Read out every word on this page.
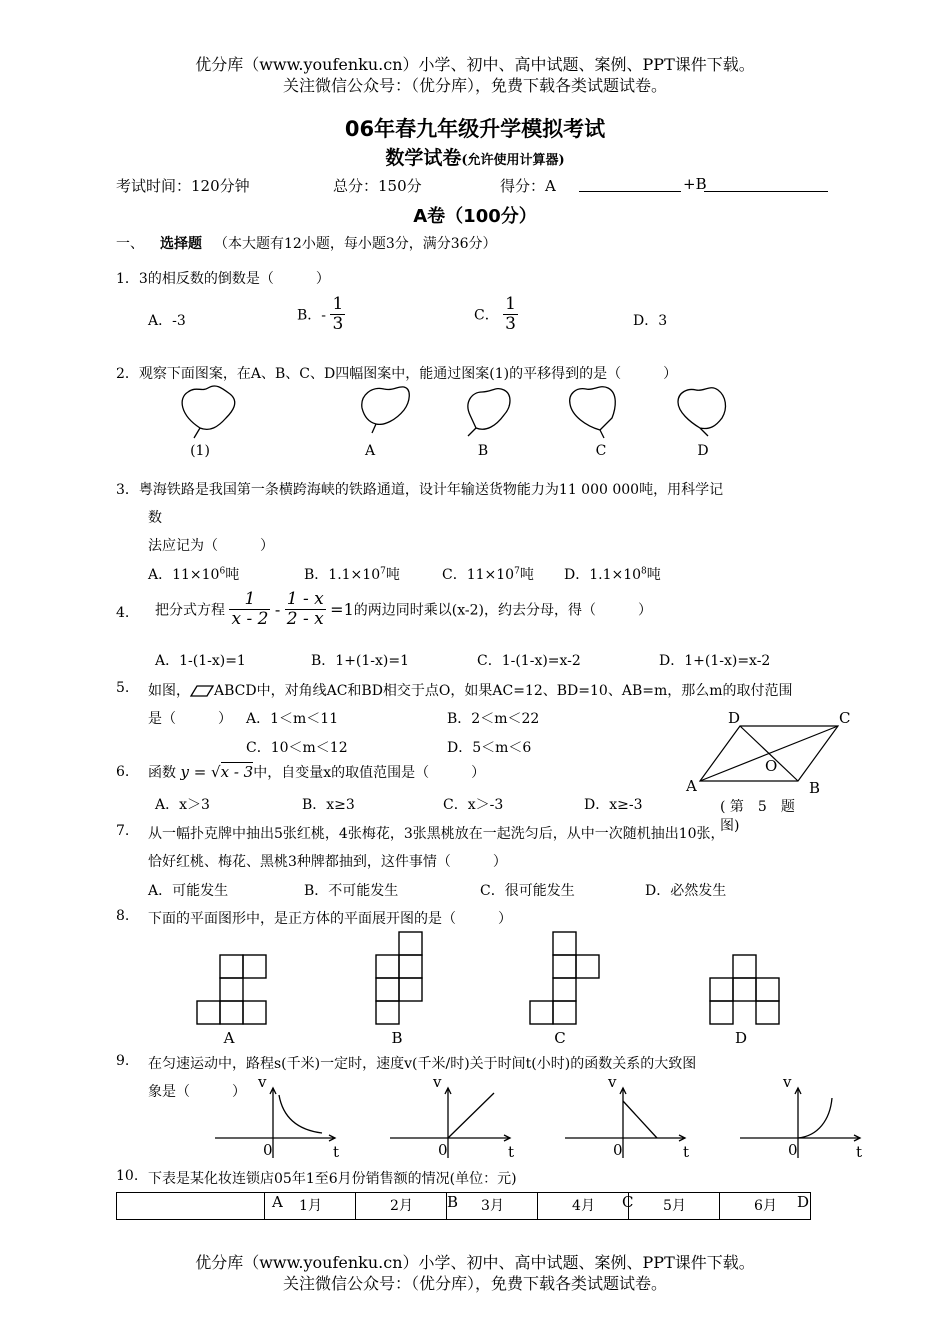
优分库（www.youfenku.cn）小学、初中、高中试题、案例、PPT课件下载。
关注微信公众号：（优分库），免费下载各类试题试卷。
06年春九年级升学模拟考试
数学试卷(允许使用计算器)
考试时间：120分钟	总分：150分	得分：A	+B
A卷（100分）
一、 选择题 （本大题有12小题，每小题3分，满分36分）
1．3的相反数的倒数是（　　　）
A．-3	B．- $\frac{1}{3}$	C． $\frac{1}{3}$	D．3
2．观察下面图案，在A、B、C、D四幅图案中，能通过图案(1)的平移得到的是（　　　）
(1)	A	B	C	D
3．粤海铁路是我国第一条横跨海峡的铁路通道，设计年输送货物能力为11 000 000吨，用科学记
数
法应记为（　　　）
A．$11\times 10^6$吨	B．$1.1\times 10^7$吨	C．$11\times 10^7$吨 D．$1.1\times 10^8$吨
4. 把分式方程 $\frac{1}{x - 2} - \frac{1 - x}{2 - x} =1$的两边同时乘以(x-2)，约去分母，得（　　　）
A．1-(1-x)=1	B．1+(1-x)=1	C．1-(1-x)=x-2	D．1+(1-x)=x-2
5. 如图， ABCD中，对角线AC和BD相交于点O，如果AC=12、BD=10、AB=m，那么m的取付范围
是（　　　） A．1＜m＜11	B．2＜m＜22
C．10＜m＜12	D．5＜m＜6
D	C
O
A	B
( 第　5　题
图)
6. 函数 y = √x - 3中，自变量x的取值范围是（　　　）
A．x＞3	B．x≥3	C．x＞-3	D．x≥-3
7. 从一幅扑克牌中抽出5张红桃，4张梅花，3张黑桃放在一起洗匀后，从中一次随机抽出10张，
恰好红桃、梅花、黑桃3种牌都抽到，这件事情（　　　）
A．可能发生	B．不可能发生	C．很可能发生	D．必然发生
8. 下面的平面图形中，是正方体的平面展开图的是（　　　）
A	B	C	D
9. 在匀速运动中，路程s(千米)一定时，速度v(千米/时)关于时间t(小时)的函数关系的大致图
象是（　　　）
v
t
0
v
t
0
v
t
0
v
t
0
A	B	C	D
10. 下表是某化妆连锁店05年1至6月份销售额的情况(单位：元)
1月	2月	3月	4月	5月	6月
优分库（www.youfenku.cn）小学、初中、高中试题、案例、PPT课件下载。
关注微信公众号：（优分库），免费下载各类试题试卷。
